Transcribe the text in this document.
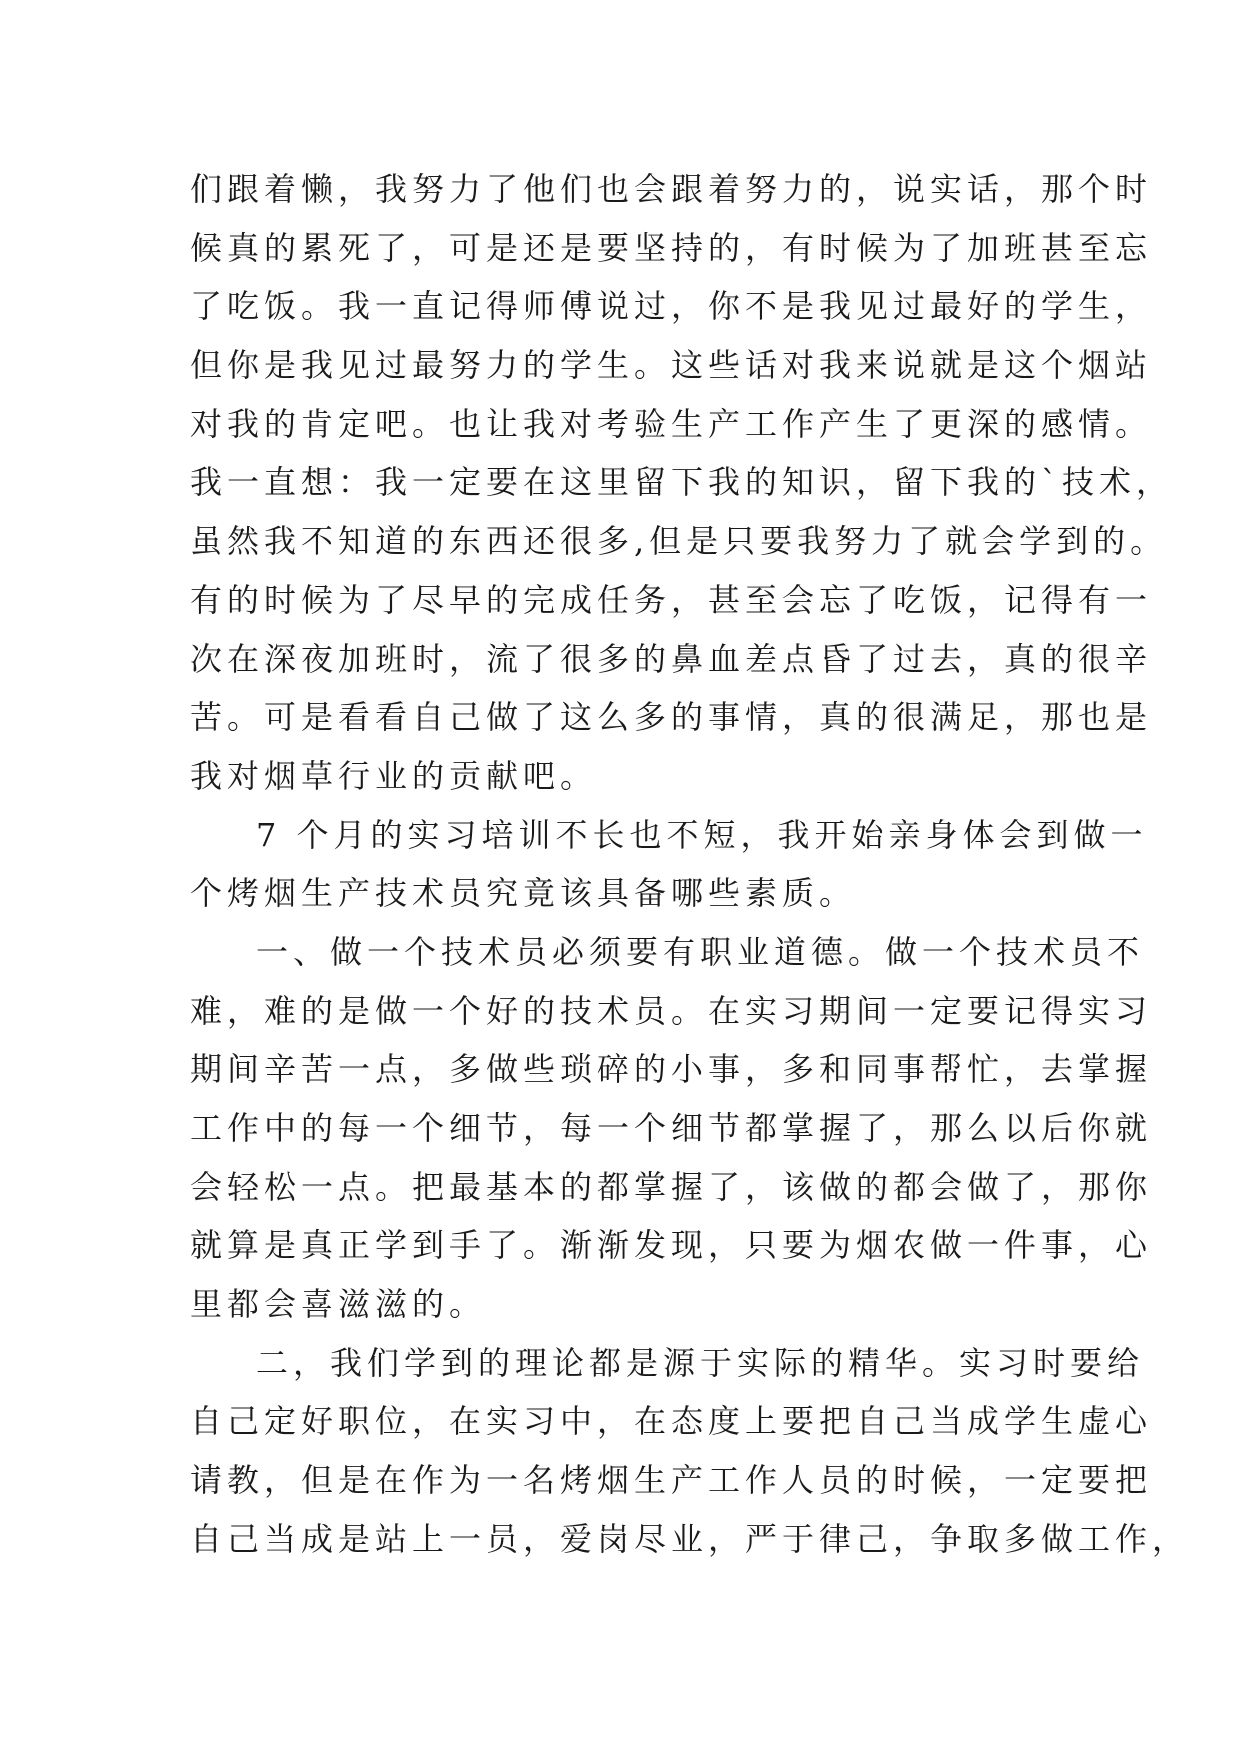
们跟着懒，我努力了他们也会跟着努力的，说实话，那个时
候真的累死了，可是还是要坚持的，有时候为了加班甚至忘
了吃饭。我一直记得师傅说过，你不是我见过最好的学生，
但你是我见过最努力的学生。这些话对我来说就是这个烟站
对我的肯定吧。也让我对考验生产工作产生了更深的感情。
我一直想：我一定要在这里留下我的知识，留下我的`技术，
虽然我不知道的东西还很多,但是只要我努力了就会学到的。
有的时候为了尽早的完成任务，甚至会忘了吃饭，记得有一
次在深夜加班时，流了很多的鼻血差点昏了过去，真的很辛
苦。可是看看自己做了这么多的事情，真的很满足，那也是
我对烟草行业的贡献吧。
7 个月的实习培训不长也不短，我开始亲身体会到做一
个烤烟生产技术员究竟该具备哪些素质。
一、做一个技术员必须要有职业道德。做一个技术员不
难，难的是做一个好的技术员。在实习期间一定要记得实习
期间辛苦一点，多做些琐碎的小事，多和同事帮忙，去掌握
工作中的每一个细节，每一个细节都掌握了，那么以后你就
会轻松一点。把最基本的都掌握了，该做的都会做了，那你
就算是真正学到手了。渐渐发现，只要为烟农做一件事，心
里都会喜滋滋的。
二，我们学到的理论都是源于实际的精华。实习时要给
自己定好职位，在实习中，在态度上要把自己当成学生虚心
请教，但是在作为一名烤烟生产工作人员的时候，一定要把
自己当成是站上一员，爱岗尽业，严于律己，争取多做工作，
